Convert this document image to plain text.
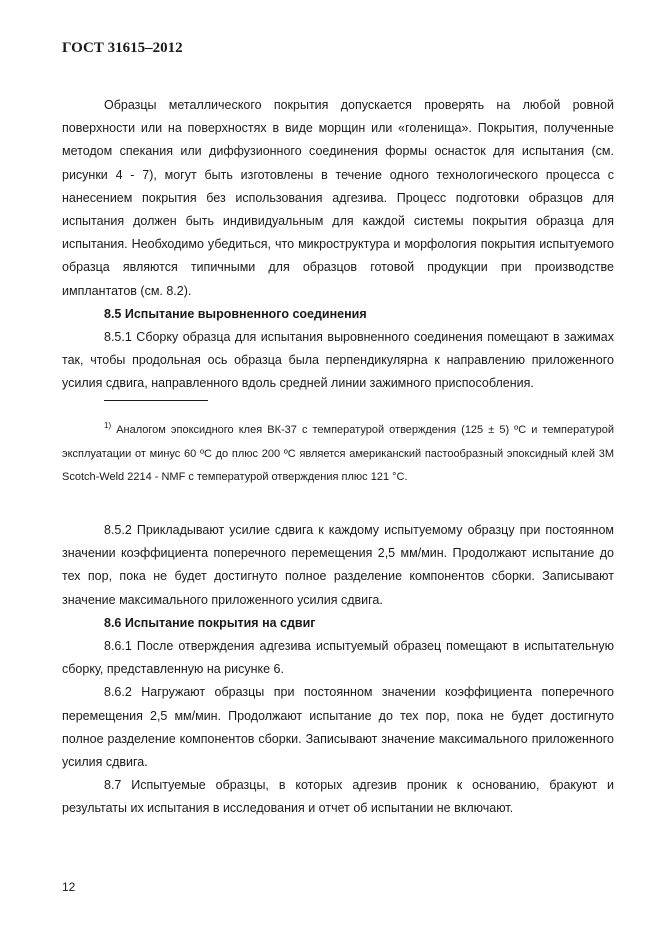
ГОСТ 31615–2012

Образцы металлического покрытия допускается проверять на любой ровной поверхности или на поверхностях в виде морщин или «голенища». Покрытия, полученные методом спекания или диффузионного соединения формы оснасток для испытания (см. рисунки 4 - 7), могут быть изготовлены в течение одного технологического процесса с нанесением покрытия без использования адгезива. Процесс подготовки образцов для испытания должен быть индивидуальным для каждой системы покрытия образца для испытания. Необходимо убедиться, что микроструктура и морфология покрытия испытуемого образца являются типичными для образцов готовой продукции при производстве имплантатов (см. 8.2).

8.5 Испытание выровненного соединения

8.5.1 Сборку образца для испытания выровненного соединения помещают в зажимах так, чтобы продольная ось образца была перпендикулярна к направлению приложенного усилия сдвига, направленного вдоль средней линии зажимного приспособления.

$^{1)}$ Аналогом эпоксидного клея ВК-37 с температурой отверждения (125 ± 5) ºС и температурой эксплуатации от минус 60 ºС до плюс 200 ºС является американский пастообразный эпоксидный клей 3М Scotch-Weld 2214 - NMF с температурой отверждения плюс 121 °С.

8.5.2 Прикладывают усилие сдвига к каждому испытуемому образцу при постоянном значении коэффициента поперечного перемещения 2,5 мм/мин. Продолжают испытание до тех пор, пока не будет достигнуто полное разделение компонентов сборки. Записывают значение максимального приложенного усилия сдвига.

8.6 Испытание покрытия на сдвиг

8.6.1 После отверждения адгезива испытуемый образец помещают в испытательную сборку, представленную на рисунке 6.

8.6.2 Нагружают образцы при постоянном значении коэффициента поперечного перемещения 2,5 мм/мин. Продолжают испытание до тех пор, пока не будет достигнуто полное разделение компонентов сборки. Записывают значение максимального приложенного усилия сдвига.

8.7 Испытуемые образцы, в которых адгезив проник к основанию, бракуют и результаты их испытания в исследования и отчет об испытании не включают.

12
